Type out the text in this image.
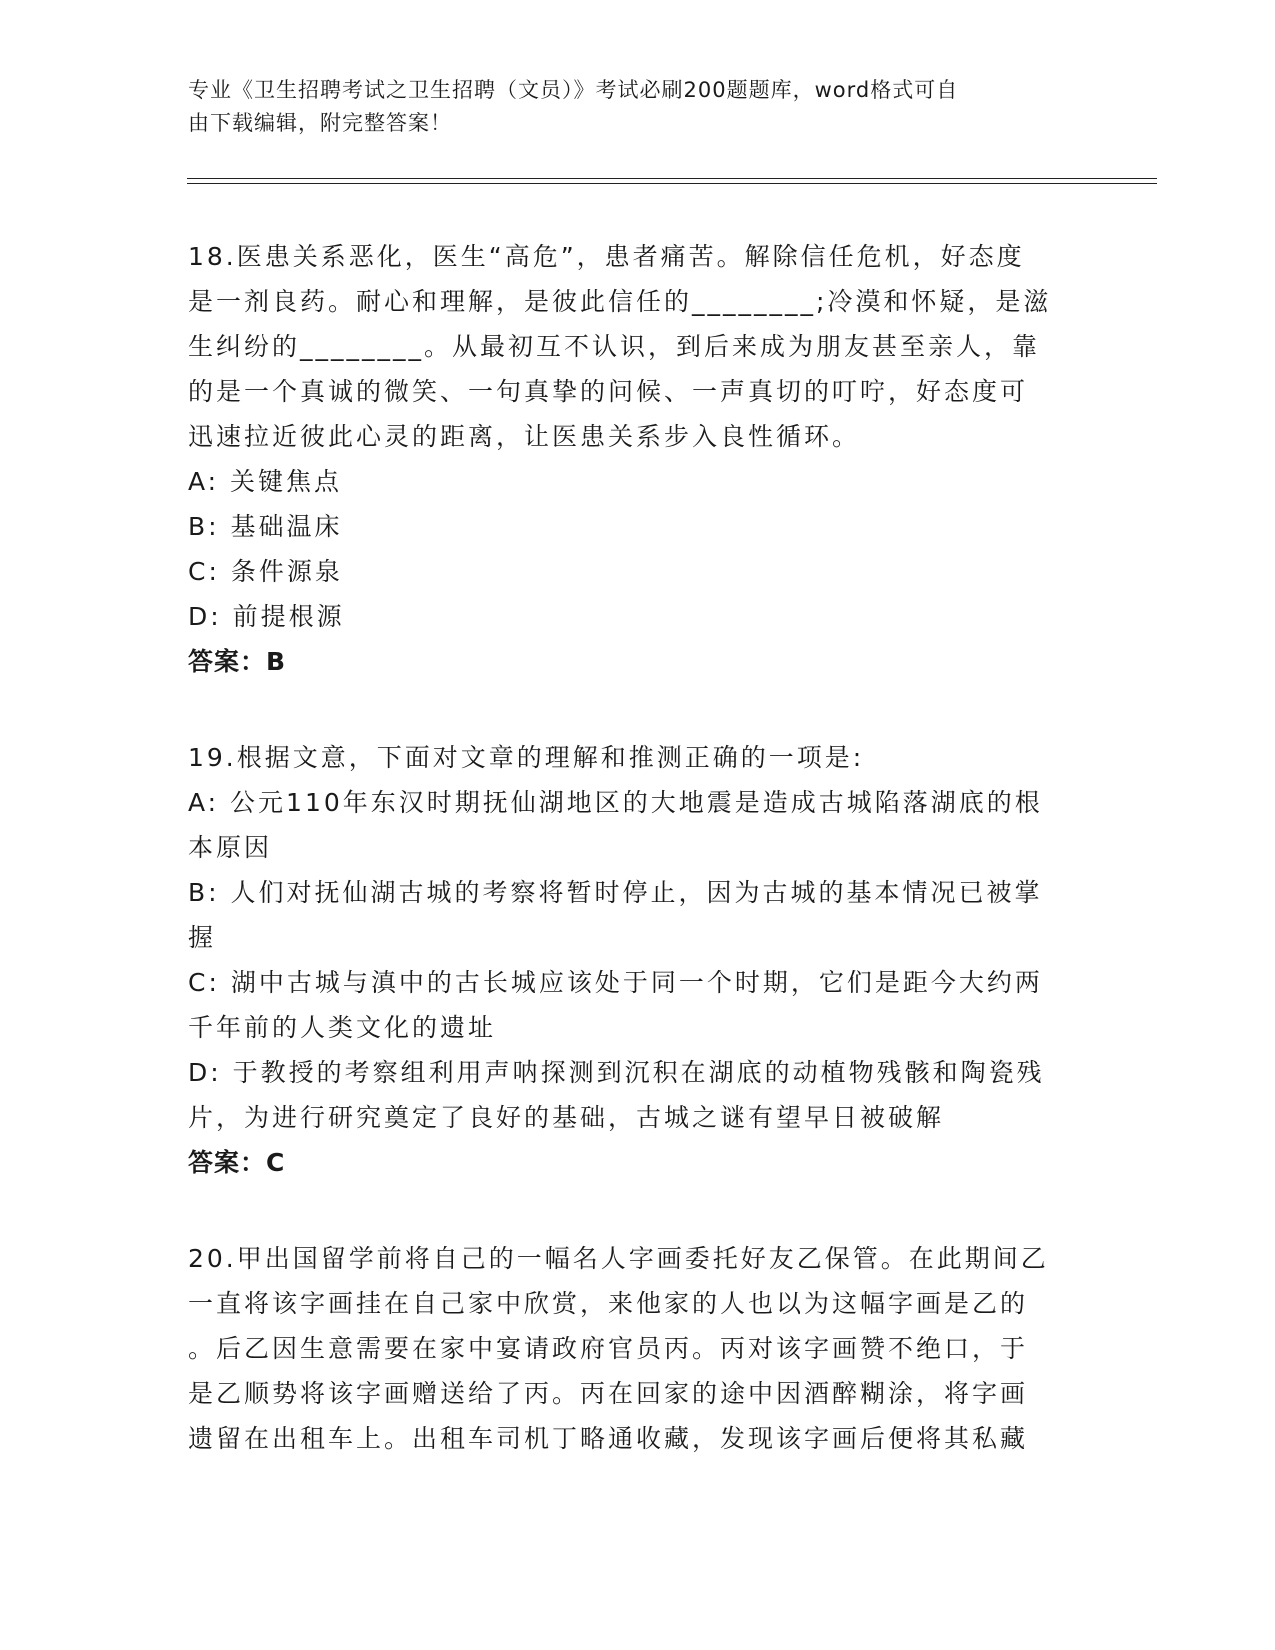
专业《卫生招聘考试之卫生招聘（文员）》考试必刷200题题库，word格式可自
由下载编辑，附完整答案！

18.医患关系恶化，医生“高危”，患者痛苦。解除信任危机，好态度

是一剂良药。耐心和理解，是彼此信任的________;冷漠和怀疑，是滋

生纠纷的________。从最初互不认识，到后来成为朋友甚至亲人，靠

的是一个真诚的微笑、一句真挚的问候、一声真切的叮咛，好态度可

迅速拉近彼此心灵的距离，让医患关系步入良性循环。

A: 关键焦点

B: 基础温床

C: 条件源泉

D: 前提根源

答案：B

19.根据文意，下面对文章的理解和推测正确的一项是:

A: 公元110年东汉时期抚仙湖地区的大地震是造成古城陷落湖底的根

本原因

B: 人们对抚仙湖古城的考察将暂时停止，因为古城的基本情况已被掌

握

C: 湖中古城与滇中的古长城应该处于同一个时期，它们是距今大约两

千年前的人类文化的遗址

D: 于教授的考察组利用声呐探测到沉积在湖底的动植物残骸和陶瓷残

片，为进行研究奠定了良好的基础，古城之谜有望早日被破解

答案：C

20.甲出国留学前将自己的一幅名人字画委托好友乙保管。在此期间乙

一直将该字画挂在自己家中欣赏，来他家的人也以为这幅字画是乙的

。后乙因生意需要在家中宴请政府官员丙。丙对该字画赞不绝口，于

是乙顺势将该字画赠送给了丙。丙在回家的途中因酒醉糊涂，将字画

遗留在出租车上。出租车司机丁略通收藏，发现该字画后便将其私藏
